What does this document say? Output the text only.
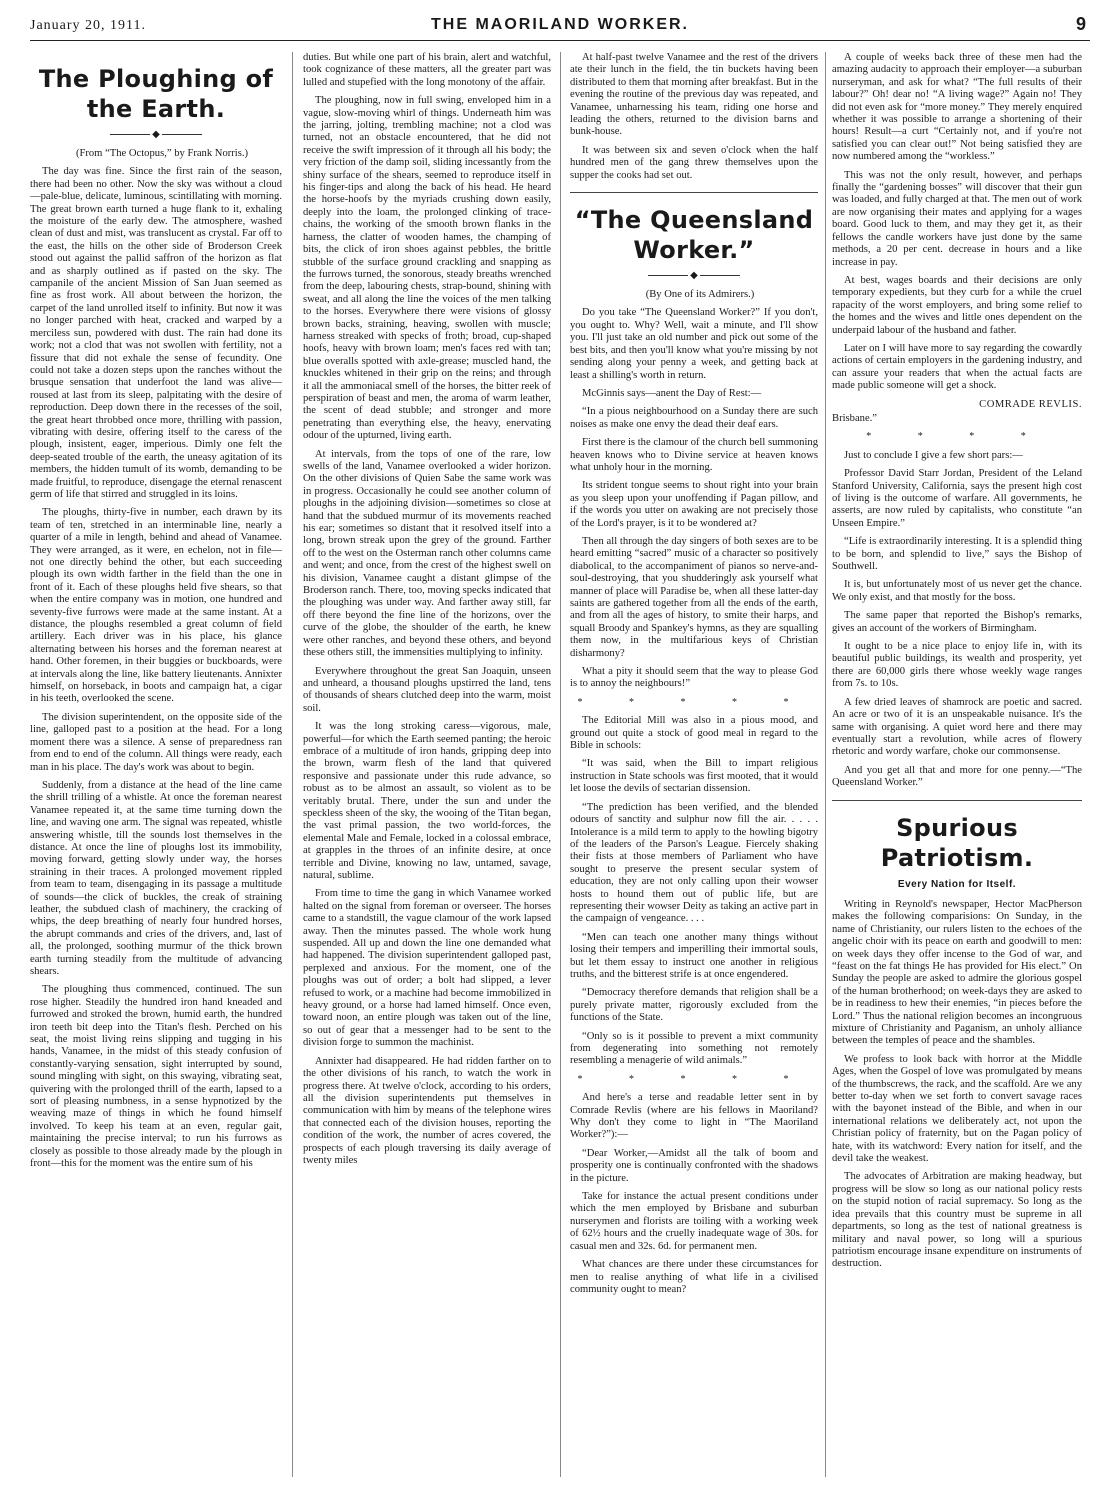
January 20, 1911.	THE MAORILAND WORKER.	9
The Ploughing of the Earth.
◆

(From “The Octopus,” by Frank Norris.)

The day was fine. Since the first rain of the season, there had been no other. Now the sky was without a cloud—pale-blue, delicate, luminous, scintillating with morning. The great brown earth turned a huge flank to it, exhaling the moisture of the early dew. The atmosphere, washed clean of dust and mist, was translucent as crystal. Far off to the east, the hills on the other side of Broderson Creek stood out against the pallid saffron of the horizon as flat and as sharply outlined as if pasted on the sky. The campanile of the ancient Mission of San Juan seemed as fine as frost work. All about between the horizon, the carpet of the land unrolled itself to infinity. But now it was no longer parched with heat, cracked and warped by a merciless sun, powdered with dust. The rain had done its work; not a clod that was not swollen with fertility, not a fissure that did not exhale the sense of fecundity. One could not take a dozen steps upon the ranches without the brusque sensation that underfoot the land was alive—roused at last from its sleep, palpitating with the desire of reproduction. Deep down there in the recesses of the soil, the great heart throbbed once more, thrilling with passion, vibrating with desire, offering itself to the caress of the plough, insistent, eager, imperious. Dimly one felt the deep-seated trouble of the earth, the uneasy agitation of its members, the hidden tumult of its womb, demanding to be made fruitful, to reproduce, disengage the eternal renascent germ of life that stirred and struggled in its loins.

The ploughs, thirty-five in number, each drawn by its team of ten, stretched in an interminable line, nearly a quarter of a mile in length, behind and ahead of Vanamee. They were arranged, as it were, en echelon, not in file—not one directly behind the other, but each succeeding plough its own width farther in the field than the one in front of it. Each of these ploughs held five shears, so that when the entire company was in motion, one hundred and seventy-five furrows were made at the same instant. At a distance, the ploughs resembled a great column of field artillery. Each driver was in his place, his glance alternating between his horses and the foreman nearest at hand. Other foremen, in their buggies or buckboards, were at intervals along the line, like battery lieutenants. Annixter himself, on horseback, in boots and campaign hat, a cigar in his teeth, overlooked the scene.

The division superintendent, on the opposite side of the line, galloped past to a position at the head. For a long moment there was a silence. A sense of preparedness ran from end to end of the column. All things were ready, each man in his place. The day's work was about to begin.

Suddenly, from a distance at the head of the line came the shrill trilling of a whistle. At once the foreman nearest Vanamee repeated it, at the same time turning down the line, and waving one arm. The signal was repeated, whistle answering whistle, till the sounds lost themselves in the distance. At once the line of ploughs lost its immobility, moving forward, getting slowly under way, the horses straining in their traces. A prolonged movement rippled from team to team, disengaging in its passage a multitude of sounds—the click of buckles, the creak of straining leather, the subdued clash of machinery, the cracking of whips, the deep breathing of nearly four hundred horses, the abrupt commands and cries of the drivers, and, last of all, the prolonged, soothing murmur of the thick brown earth turning steadily from the multitude of advancing shears.

The ploughing thus commenced, continued. The sun rose higher. Steadily the hundred iron hand kneaded and furrowed and stroked the brown, humid earth, the hundred iron teeth bit deep into the Titan's flesh. Perched on his seat, the moist living reins slipping and tugging in his hands, Vanamee, in the midst of this steady confusion of constantly-varying sensation, sight interrupted by sound, sound mingling with sight, on this swaying, vibrating seat, quivering with the prolonged thrill of the earth, lapsed to a sort of pleasing numbness, in a sense hypnotized by the weaving maze of things in which he found himself involved. To keep his team at an even, regular gait, maintaining the precise interval; to run his furrows as closely as possible to those already made by the plough in front—this for the moment was the entire sum of his

duties. But while one part of his brain, alert and watchful, took cognizance of these matters, all the greater part was lulled and stupefied with the long monotony of the affair.

The ploughing, now in full swing, enveloped him in a vague, slow-moving whirl of things. Underneath him was the jarring, jolting, trembling machine; not a clod was turned, not an obstacle encountered, that he did not receive the swift impression of it through all his body; the very friction of the damp soil, sliding incessantly from the shiny surface of the shears, seemed to reproduce itself in his finger-tips and along the back of his head. He heard the horse-hoofs by the myriads crushing down easily, deeply into the loam, the prolonged clinking of trace-chains, the working of the smooth brown flanks in the harness, the clatter of wooden hames, the champing of bits, the click of iron shoes against pebbles, the brittle stubble of the surface ground crackling and snapping as the furrows turned, the sonorous, steady breaths wrenched from the deep, labouring chests, strap-bound, shining with sweat, and all along the line the voices of the men talking to the horses. Everywhere there were visions of glossy brown backs, straining, heaving, swollen with muscle; harness streaked with specks of froth; broad, cup-shaped hoofs, heavy with brown loam; men's faces red with tan; blue overalls spotted with axle-grease; muscled hand, the knuckles whitened in their grip on the reins; and through it all the ammoniacal smell of the horses, the bitter reek of perspiration of beast and men, the aroma of warm leather, the scent of dead stubble; and stronger and more penetrating than everything else, the heavy, enervating odour of the upturned, living earth.

At intervals, from the tops of one of the rare, low swells of the land, Vanamee overlooked a wider horizon. On the other divisions of Quien Sabe the same work was in progress. Occasionally he could see another column of ploughs in the adjoining division—sometimes so close at hand that the subdued murmur of its movements reached his ear; sometimes so distant that it resolved itself into a long, brown streak upon the grey of the ground. Farther off to the west on the Osterman ranch other columns came and went; and once, from the crest of the highest swell on his division, Vanamee caught a distant glimpse of the Broderson ranch. There, too, moving specks indicated that the ploughing was under way. And farther away still, far off there beyond the fine line of the horizons, over the curve of the globe, the shoulder of the earth, he knew were other ranches, and beyond these others, and beyond these others still, the immensities multiplying to infinity.

Everywhere throughout the great San Joaquin, unseen and unheard, a thousand ploughs upstirred the land, tens of thousands of shears clutched deep into the warm, moist soil.

It was the long stroking caress—vigorous, male, powerful—for which the Earth seemed panting; the heroic embrace of a multitude of iron hands, gripping deep into the brown, warm flesh of the land that quivered responsive and passionate under this rude advance, so robust as to be almost an assault, so violent as to be veritably brutal. There, under the sun and under the speckless sheen of the sky, the wooing of the Titan began, the vast primal passion, the two world-forces, the elemental Male and Female, locked in a colossal embrace, at grapples in the throes of an infinite desire, at once terrible and Divine, knowing no law, untamed, savage, natural, sublime.

From time to time the gang in which Vanamee worked halted on the signal from foreman or overseer. The horses came to a standstill, the vague clamour of the work lapsed away. Then the minutes passed. The whole work hung suspended. All up and down the line one demanded what had happened. The division superintendent galloped past, perplexed and anxious. For the moment, one of the ploughs was out of order; a bolt had slipped, a lever refused to work, or a machine had become immobilized in heavy ground, or a horse had lamed himself. Once even, toward noon, an entire plough was taken out of the line, so out of gear that a messenger had to be sent to the division forge to summon the machinist.

Annixter had disappeared. He had ridden farther on to the other divisions of his ranch, to watch the work in progress there. At twelve o'clock, according to his orders, all the division superintendents put themselves in communication with him by means of the telephone wires that connected each of the division houses, reporting the condition of the work, the number of acres covered, the prospects of each plough traversing its daily average of twenty miles

At half-past twelve Vanamee and the rest of the drivers ate their lunch in the field, the tin buckets having been distributed to them that morning after breakfast. But in the evening the routine of the previous day was repeated, and Vanamee, unharnessing his team, riding one horse and leading the others, returned to the division barns and bunk-house.

It was between six and seven o'clock when the half hundred men of the gang threw themselves upon the supper the cooks had set out.

“The Queensland Worker.”
◆

(By One of its Admirers.)

Do you take “The Queensland Worker?” If you don't, you ought to. Why? Well, wait a minute, and I'll show you. I'll just take an old number and pick out some of the best bits, and then you'll know what you're missing by not sending along your penny a week, and getting back at least a shilling's worth in return.

McGinnis says—anent the Day of Rest:—

“In a pious neighbourhood on a Sunday there are such noises as make one envy the dead their deaf ears.

First there is the clamour of the church bell summoning heaven knows who to Divine service at heaven knows what unholy hour in the morning.

Its strident tongue seems to shout right into your brain as you sleep upon your unoffending if Pagan pillow, and if the words you utter on awaking are not precisely those of the Lord's prayer, is it to be wondered at?

Then all through the day singers of both sexes are to be heard emitting “sacred” music of a character so positively diabolical, to the accompaniment of pianos so nerve-and-soul-destroying, that you shudderingly ask yourself what manner of place will Paradise be, when all these latter-day saints are gathered together from all the ends of the earth, and from all the ages of history, to smite their harps, and squall Broody and Spankey's hymns, as they are squalling them now, in the multifarious keys of Christian disharmony?

What a pity it should seem that the way to please God is to annoy the neighbours!”

* * * * *

The Editorial Mill was also in a pious mood, and ground out quite a stock of good meal in regard to the Bible in schools:

“It was said, when the Bill to impart religious instruction in State schools was first mooted, that it would let loose the devils of sectarian dissension.

“The prediction has been verified, and the blended odours of sanctity and sulphur now fill the air. . . . . Intolerance is a mild term to apply to the howling bigotry of the leaders of the Parson's League. Fiercely shaking their fists at those members of Parliament who have sought to preserve the present secular system of education, they are not only calling upon their wowser hosts to hound them out of public life, but are representing their wowser Deity as taking an active part in the campaign of vengeance. . . .

“Men can teach one another many things without losing their tempers and imperilling their immortal souls, but let them essay to instruct one another in religious truths, and the bitterest strife is at once engendered.

“Democracy therefore demands that religion shall be a purely private matter, rigorously excluded from the functions of the State.

“Only so is it possible to prevent a mixt community from degenerating into something not remotely resembling a menagerie of wild animals.”

* * * * *

And here's a terse and readable letter sent in by Comrade Revlis (where are his fellows in Maoriland? Why don't they come to light in “The Maoriland Worker?”):—

“Dear Worker,—Amidst all the talk of boom and prosperity one is continually confronted with the shadows in the picture.

Take for instance the actual present conditions under which the men employed by Brisbane and suburban nurserymen and florists are toiling with a working week of 62½ hours and the cruelly inadequate wage of 30s. for casual men and 32s. 6d. for permanent men.

What chances are there under these circumstances for men to realise anything of what life in a civilised community ought to mean?

A couple of weeks back three of these men had the amazing audacity to approach their employer—a suburban nurseryman, and ask for what? “The full results of their labour?” Oh! dear no! “A living wage?” Again no! They did not even ask for “more money.” They merely enquired whether it was possible to arrange a shortening of their hours! Result—a curt “Certainly not, and if you're not satisfied you can clear out!” Not being satisfied they are now numbered among the “workless.”

This was not the only result, however, and perhaps finally the “gardening bosses” will discover that their gun was loaded, and fully charged at that. The men out of work are now organising their mates and applying for a wages board. Good luck to them, and may they get it, as their fellows the candle workers have just done by the same methods, a 20 per cent. decrease in hours and a like increase in pay.

At best, wages boards and their decisions are only temporary expedients, but they curb for a while the cruel rapacity of the worst employers, and bring some relief to the homes and the wives and little ones dependent on the underpaid labour of the husband and father.

Later on I will have more to say regarding the cowardly actions of certain employers in the gardening industry, and can assure your readers that when the actual facts are made public someone will get a shock.

COMRADE REVLIS.
Brisbane.”
* * * *

Just to conclude I give a few short pars:—

Professor David Starr Jordan, President of the Leland Stanford University, California, says the present high cost of living is the outcome of warfare. All governments, he asserts, are now ruled by capitalists, who constitute “an Unseen Empire.”

“Life is extraordinarily interesting. It is a splendid thing to be born, and splendid to live,” says the Bishop of Southwell.

It is, but unfortunately most of us never get the chance. We only exist, and that mostly for the boss.

The same paper that reported the Bishop's remarks, gives an account of the workers of Birmingham.

It ought to be a nice place to enjoy life in, with its beautiful public buildings, its wealth and prosperity, yet there are 60,000 girls there whose weekly wage ranges from 7s. to 10s.

A few dried leaves of shamrock are poetic and sacred. An acre or two of it is an unspeakable nuisance. It's the same with organising. A quiet word here and there may eventually start a revolution, while acres of flowery rhetoric and wordy warfare, choke our commonsense.

And you get all that and more for one penny.—“The Queensland Worker.”

Spurious Patriotism.
Every Nation for Itself.

Writing in Reynold's newspaper, Hector MacPherson makes the following comparisions: On Sunday, in the name of Christianity, our rulers listen to the echoes of the angelic choir with its peace on earth and goodwill to men: on week days they offer incense to the God of war, and “feast on the fat things He has provided for His elect.” On Sunday the people are asked to admire the glorious gospel of the human brotherhood; on week-days they are asked to be in readiness to hew their enemies, “in pieces before the Lord.” Thus the national religion becomes an incongruous mixture of Christianity and Paganism, an unholy alliance between the temples of peace and the shambles.

We profess to look back with horror at the Middle Ages, when the Gospel of love was promulgated by means of the thumbscrews, the rack, and the scaffold. Are we any better to-day when we set forth to convert savage races with the bayonet instead of the Bible, and when in our international relations we deliberately act, not upon the Christian policy of fraternity, but on the Pagan policy of hate, with its watchword: Every nation for itself, and the devil take the weakest.

The advocates of Arbitration are making headway, but progress will be slow so long as our national policy rests on the stupid notion of racial supremacy. So long as the idea prevails that this country must be supreme in all departments, so long as the test of national greatness is military and naval power, so long will a spurious patriotism encourage insane expenditure on instruments of destruction.
